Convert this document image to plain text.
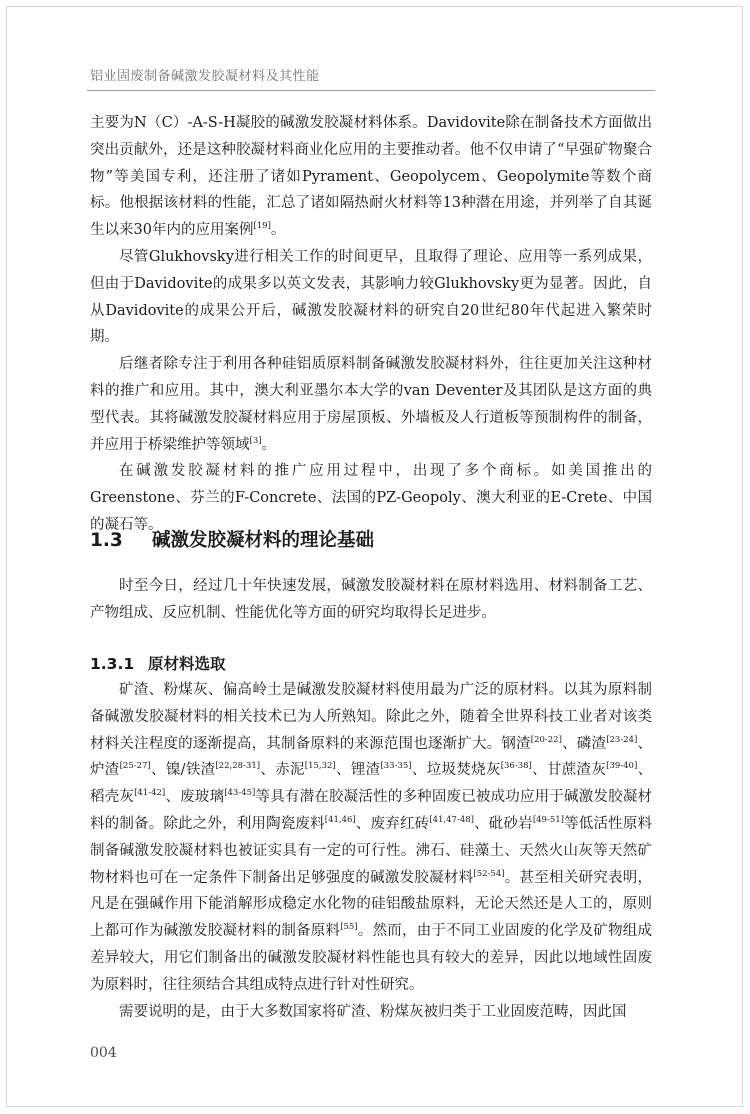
铝业固废制备碱激发胶凝材料及其性能

主要为N（C）-A-S-H凝胶的碱激发胶凝材料体系。Davidovite除在制备技术方面做出突出贡献外，还是这种胶凝材料商业化应用的主要推动者。他不仅申请了“早强矿物聚合物”等美国专利，还注册了诸如Pyrament、Geopolycem、Geopolymite等数个商标。他根据该材料的性能，汇总了诸如隔热耐火材料等13种潜在用途，并列举了自其诞生以来30年内的应用案例[19]。

尽管Glukhovsky进行相关工作的时间更早，且取得了理论、应用等一系列成果，但由于Davidovite的成果多以英文发表，其影响力较Glukhovsky更为显著。因此，自从Davidovite的成果公开后，碱激发胶凝材料的研究自20世纪80年代起进入繁荣时期。

后继者除专注于利用各种硅铝质原料制备碱激发胶凝材料外，往往更加关注这种材料的推广和应用。其中，澳大利亚墨尔本大学的van Deventer及其团队是这方面的典型代表。其将碱激发胶凝材料应用于房屋顶板、外墙板及人行道板等预制构件的制备，并应用于桥梁维护等领域[3]。

在碱激发胶凝材料的推广应用过程中，出现了多个商标。如美国推出的Greenstone、芬兰的F-Concrete、法国的PZ-Geopoly、澳大利亚的E-Crete、中国的凝石等。

1.3 碱激发胶凝材料的理论基础

时至今日，经过几十年快速发展，碱激发胶凝材料在原材料选用、材料制备工艺、产物组成、反应机制、性能优化等方面的研究均取得长足进步。

1.3.1 原材料选取

矿渣、粉煤灰、偏高岭土是碱激发胶凝材料使用最为广泛的原材料。以其为原料制备碱激发胶凝材料的相关技术已为人所熟知。除此之外，随着全世界科技工业者对该类材料关注程度的逐渐提高，其制备原料的来源范围也逐渐扩大。钢渣[20-22]、磷渣[23-24]、炉渣[25-27]、镍/铁渣[22,28-31]、赤泥[15,32]、锂渣[33-35]、垃圾焚烧灰[36-38]、甘蔗渣灰[39-40]、稻壳灰[41-42]、废玻璃[43-45]等具有潜在胶凝活性的多种固废已被成功应用于碱激发胶凝材料的制备。除此之外，利用陶瓷废料[41,46]、废弃红砖[41,47-48]、砒砂岩[49-51]等低活性原料制备碱激发胶凝材料也被证实具有一定的可行性。沸石、硅藻土、天然火山灰等天然矿物材料也可在一定条件下制备出足够强度的碱激发胶凝材料[52-54]。甚至相关研究表明，凡是在强碱作用下能消解形成稳定水化物的硅铝酸盐原料，无论天然还是人工的，原则上都可作为碱激发胶凝材料的制备原料[55]。然而，由于不同工业固废的化学及矿物组成差异较大，用它们制备出的碱激发胶凝材料性能也具有较大的差异，因此以地域性固废为原料时，往往须结合其组成特点进行针对性研究。

需要说明的是，由于大多数国家将矿渣、粉煤灰被归类于工业固废范畴，因此国

004
